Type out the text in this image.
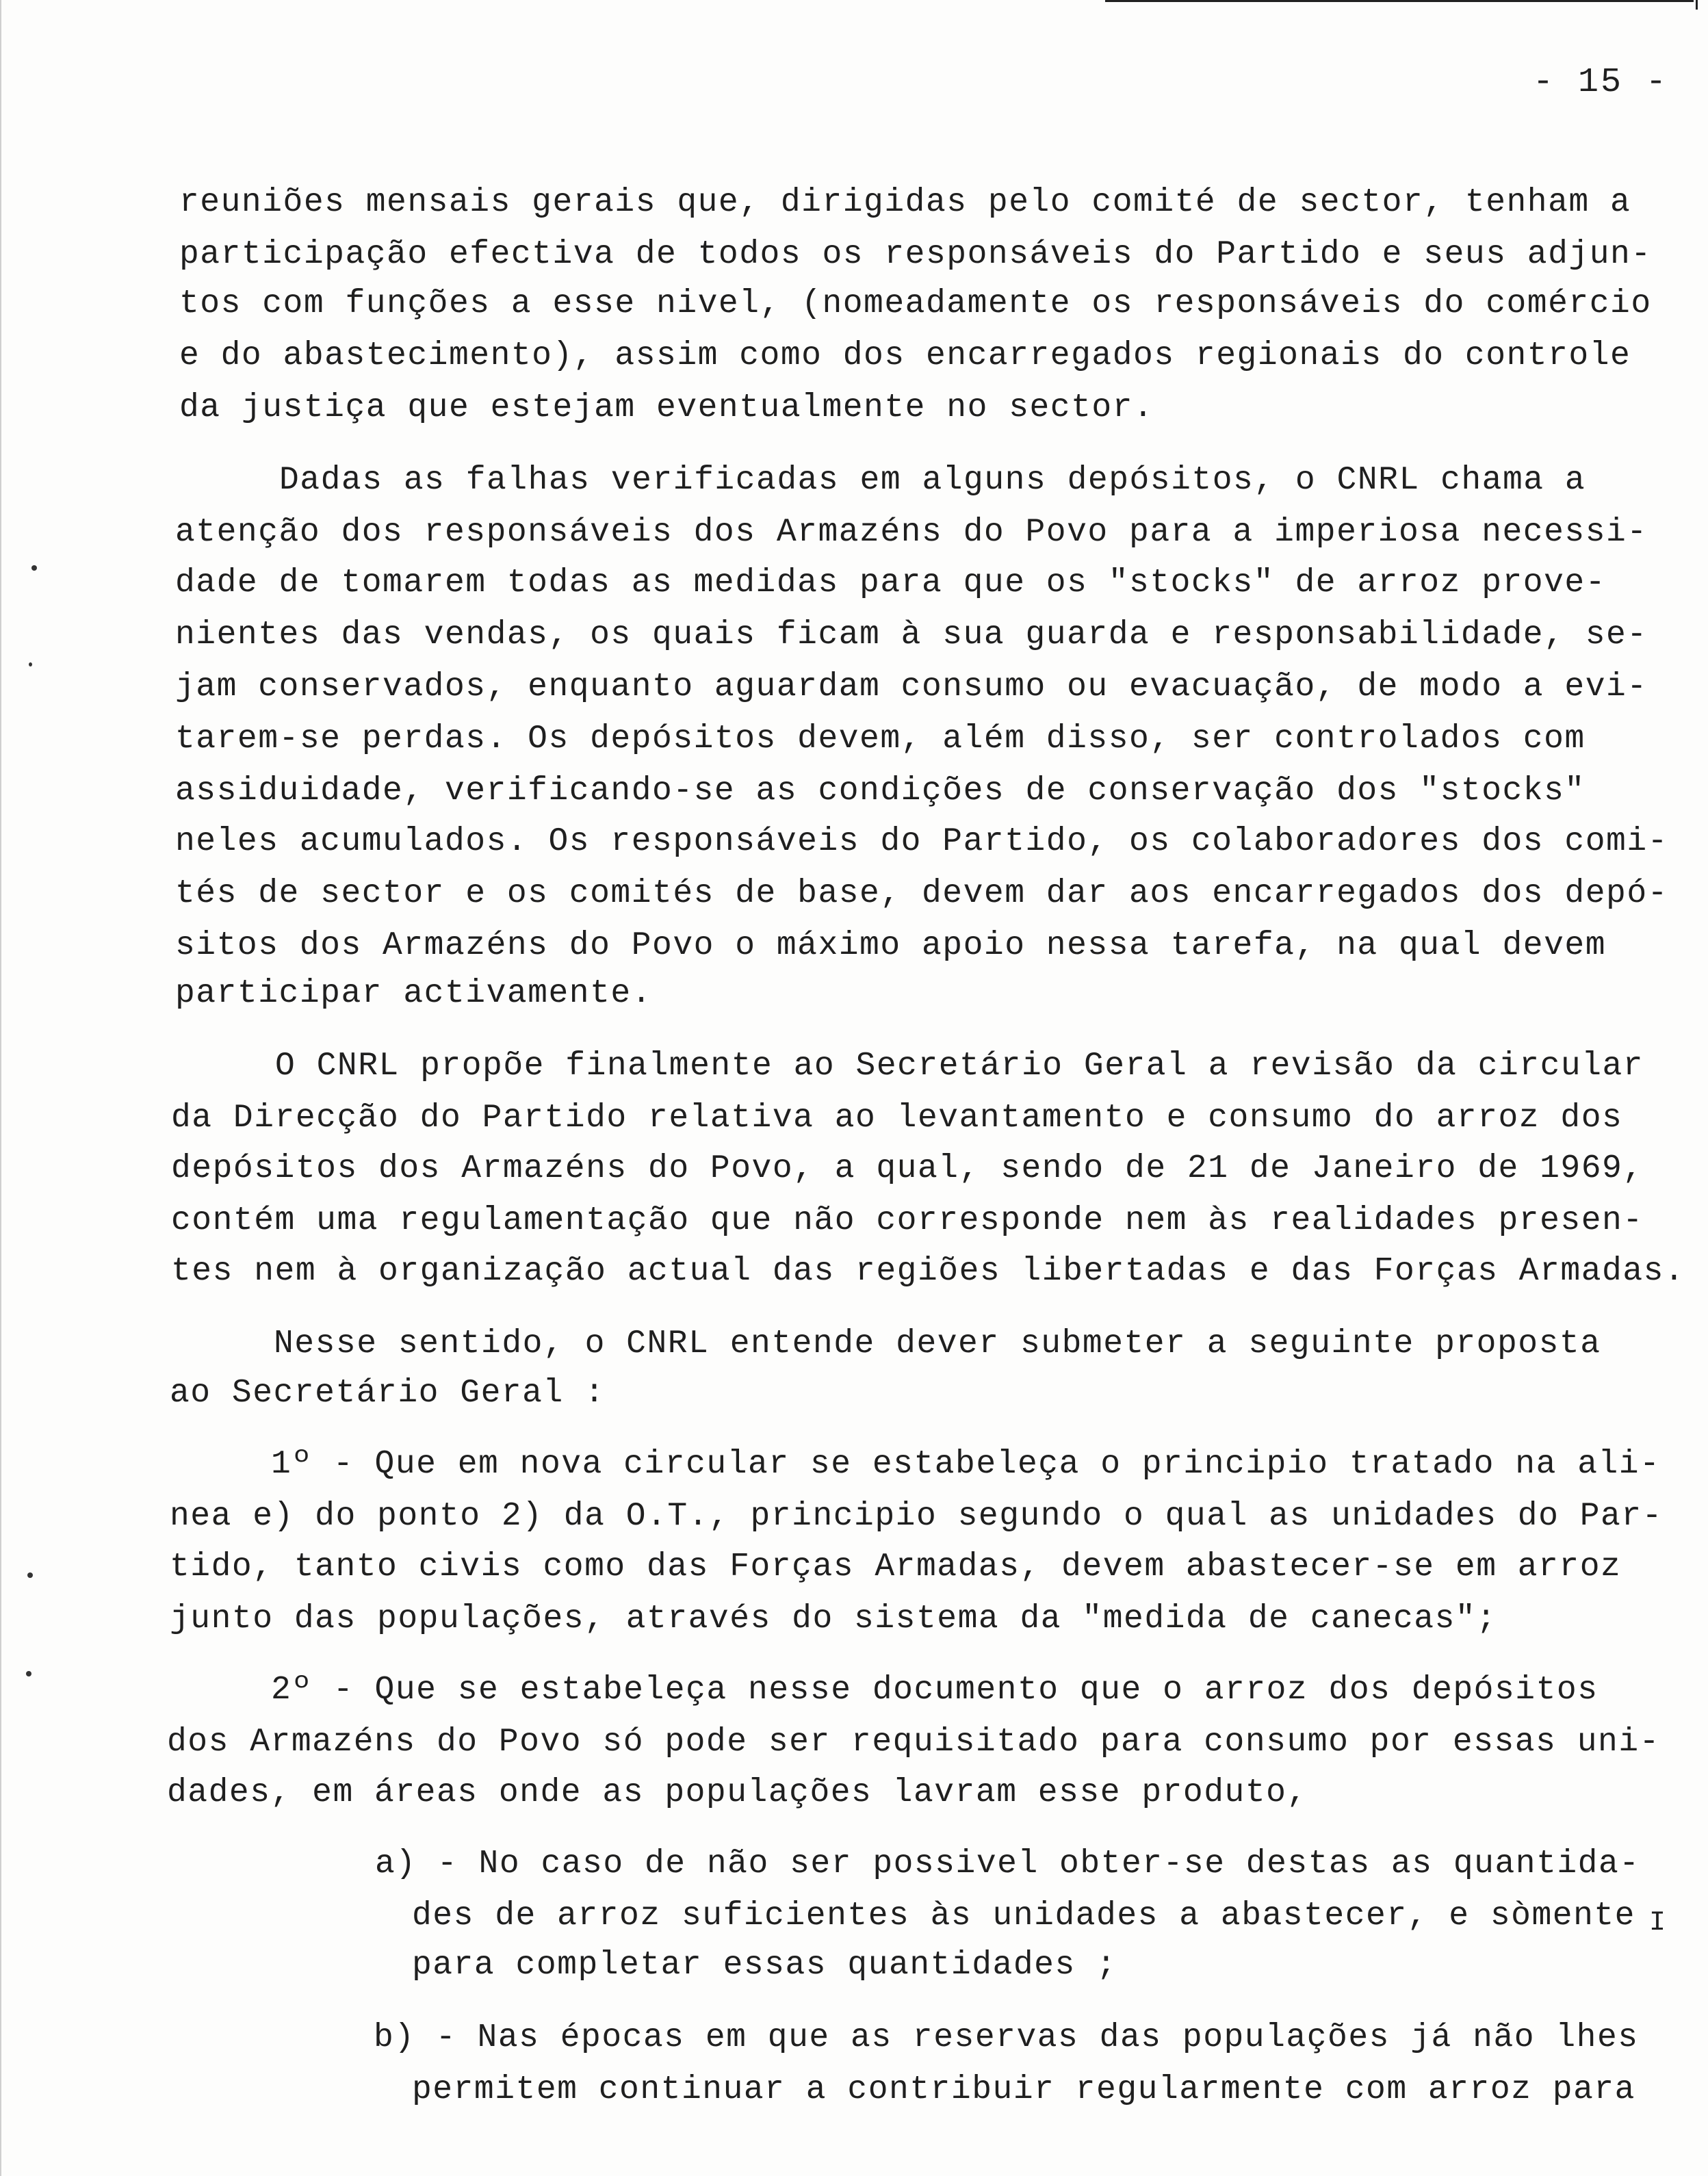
- 15 -
reuniões mensais gerais que, dirigidas pelo comité de sector, tenham a
participação efectiva de todos os responsáveis do Partido e seus adjun-
tos com funções a esse nivel, (nomeadamente os responsáveis do comércio
e do abastecimento), assim como dos encarregados regionais do controle
da justiça que estejam eventualmente no sector.
Dadas as falhas verificadas em alguns depósitos, o CNRL chama a
atenção dos responsáveis dos Armazéns do Povo para a imperiosa necessi-
dade de tomarem todas as medidas para que os "stocks" de arroz prove-
nientes das vendas, os quais ficam à sua guarda e responsabilidade, se-
jam conservados, enquanto aguardam consumo ou evacuação, de modo a evi-
tarem-se perdas. Os depósitos devem, além disso, ser controlados com
assiduidade, verificando-se as condições de conservação dos "stocks"
neles acumulados. Os responsáveis do Partido, os colaboradores dos comi-
tés de sector e os comités de base, devem dar aos encarregados dos depó-
sitos dos Armazéns do Povo o máximo apoio nessa tarefa, na qual devem
participar activamente.
O CNRL propõe finalmente ao Secretário Geral a revisão da circular
da Direcção do Partido relativa ao levantamento e consumo do arroz dos
depósitos dos Armazéns do Povo, a qual, sendo de 21 de Janeiro de 1969,
contém uma regulamentação que não corresponde nem às realidades presen-
tes nem à organização actual das regiões libertadas e das Forças Armadas.
Nesse sentido, o CNRL entende dever submeter a seguinte proposta
ao Secretário Geral :
1º - Que em nova circular se estabeleça o principio tratado na ali-
nea e) do ponto 2) da O.T., principio segundo o qual as unidades do Par-
tido, tanto civis como das Forças Armadas, devem abastecer-se em arroz
junto das populações, através do sistema da "medida de canecas";
2º - Que se estabeleça nesse documento que o arroz dos depósitos
dos Armazéns do Povo só pode ser requisitado para consumo por essas uni-
dades, em áreas onde as populações lavram esse produto,
a) - No caso de não ser possivel obter-se destas as quantida-
des de arroz suficientes às unidades a abastecer, e sòmente
para completar essas quantidades ;
b) - Nas épocas em que as reservas das populações já não lhes
permitem continuar a contribuir regularmente com arroz para
I
